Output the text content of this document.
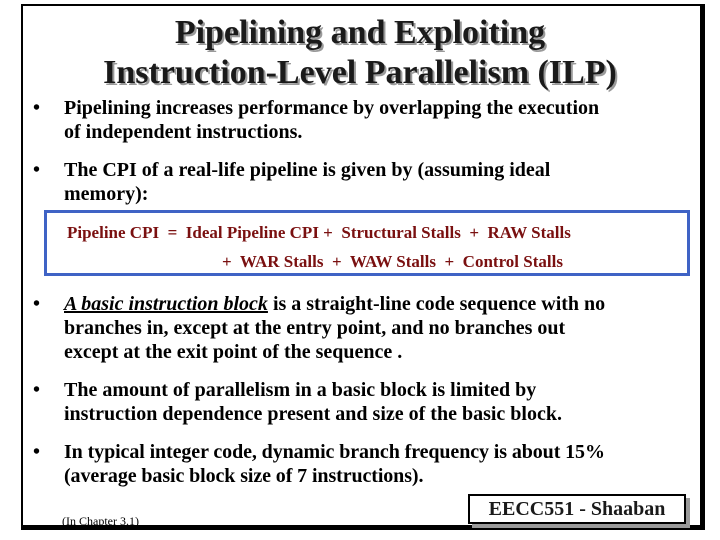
Pipelining and Exploiting
Instruction-Level Parallelism (ILP)
• Pipelining increases performance by overlapping the execution
of independent instructions.
• The CPI of a real-life pipeline is given by (assuming ideal
memory):
Pipeline CPI  =  Ideal Pipeline CPI +  Structural Stalls  +  RAW Stalls
+  WAR Stalls  +  WAW Stalls  +  Control Stalls
• A basic instruction block is a straight-line code sequence with no
branches in, except at the entry point, and no branches out
except at the exit point of the sequence .
• The amount of parallelism in a basic block is limited by
instruction dependence present and size of the basic block.
• In typical integer code, dynamic branch frequency is about 15%
(average basic block size of 7 instructions).
(In Chapter 3.1)
EECC551 - Shaaban
